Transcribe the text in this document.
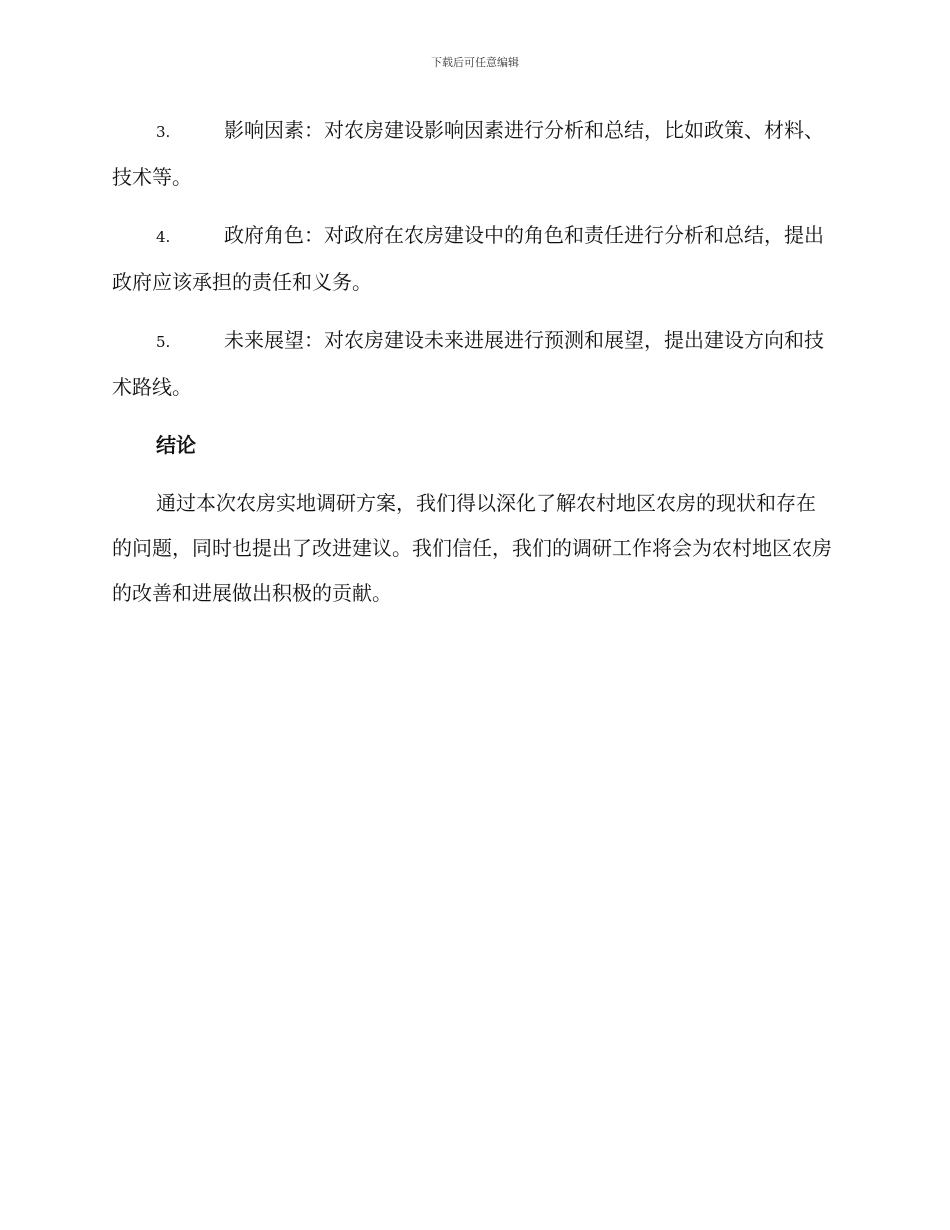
下载后可任意编辑

3.	影响因素：对农房建设影响因素进行分析和总结，比如政策、材料、技术等。

4.	政府角色：对政府在农房建设中的角色和责任进行分析和总结，提出政府应该承担的责任和义务。

5.	未来展望：对农房建设未来进展进行预测和展望，提出建设方向和技术路线。

结论

通过本次农房实地调研方案，我们得以深化了解农村地区农房的现状和存在的问题，同时也提出了改进建议。我们信任，我们的调研工作将会为农村地区农房的改善和进展做出积极的贡献。
